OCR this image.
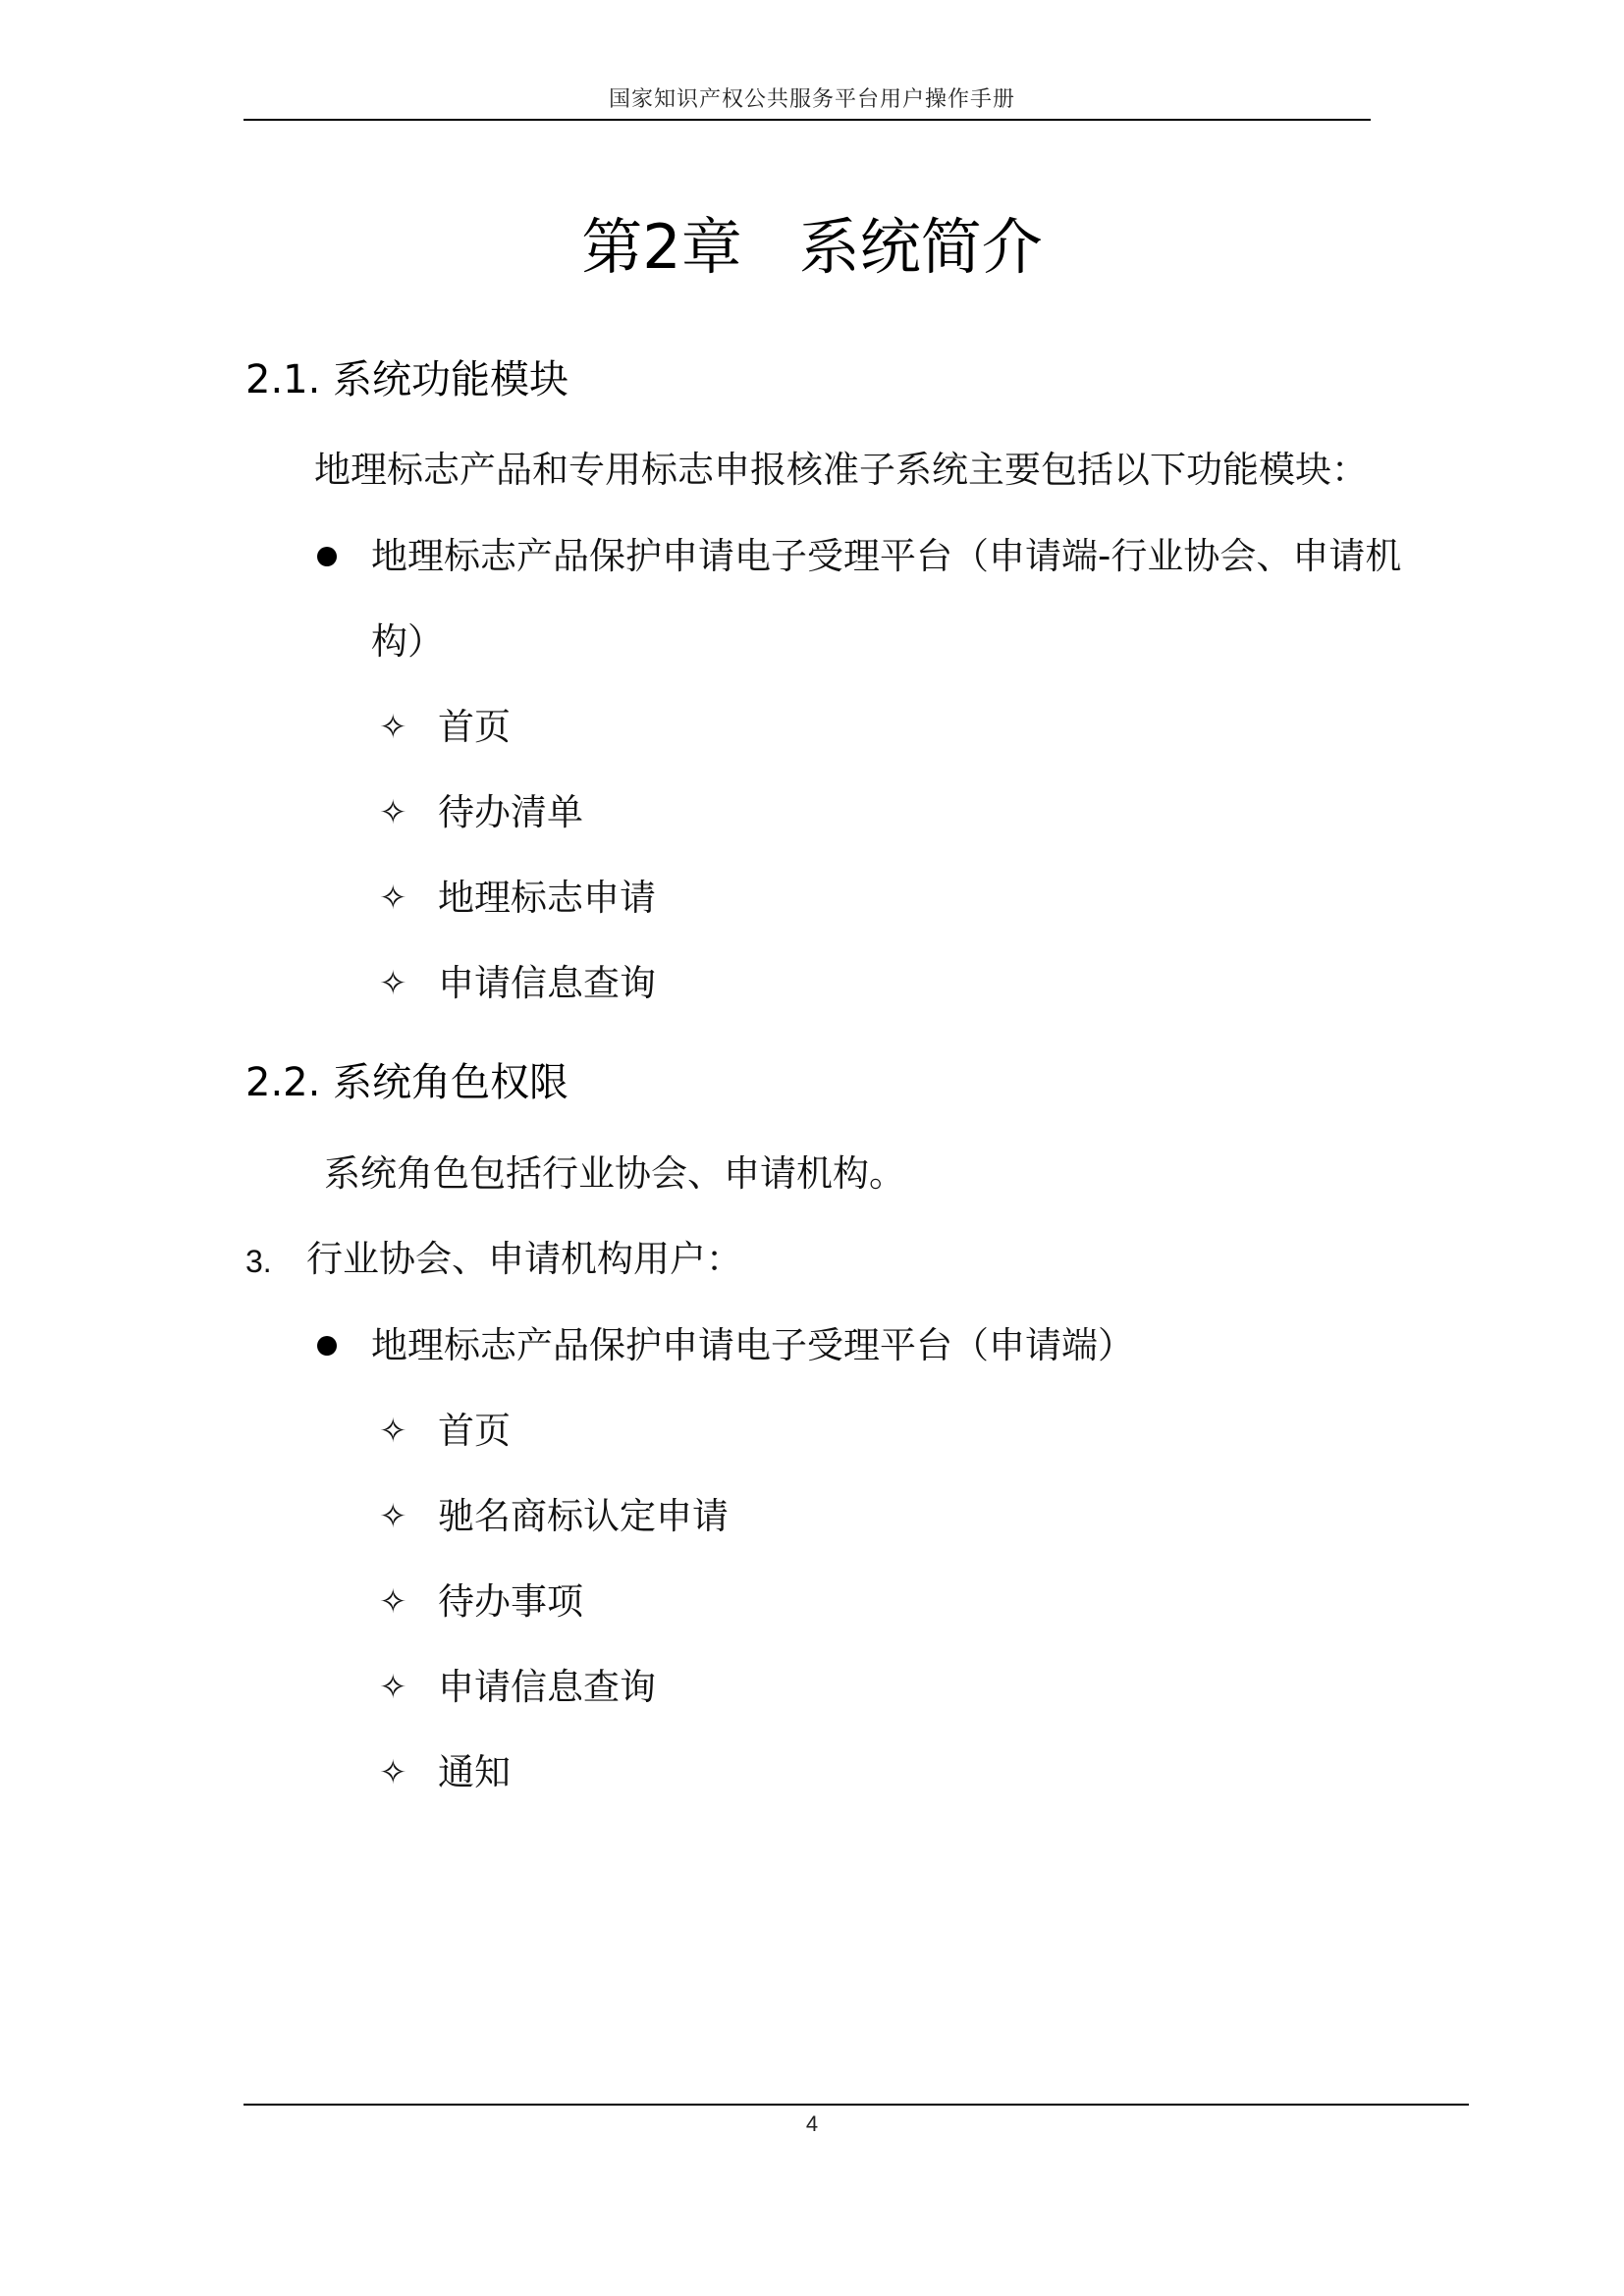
国家知识产权公共服务平台用户操作手册
第2章 系统简介
2.1. 系统功能模块
地理标志产品和专用标志申报核准子系统主要包括以下功能模块：
地理标志产品保护申请电子受理平台（申请端-行业协会、申请机
构）
✧ 首页
✧ 待办清单
✧ 地理标志申请
✧ 申请信息查询
2.2. 系统角色权限
系统角色包括行业协会、申请机构。
3. 行业协会、申请机构用户：
地理标志产品保护申请电子受理平台（申请端）
✧ 首页
✧ 驰名商标认定申请
✧ 待办事项
✧ 申请信息查询
✧ 通知
4
